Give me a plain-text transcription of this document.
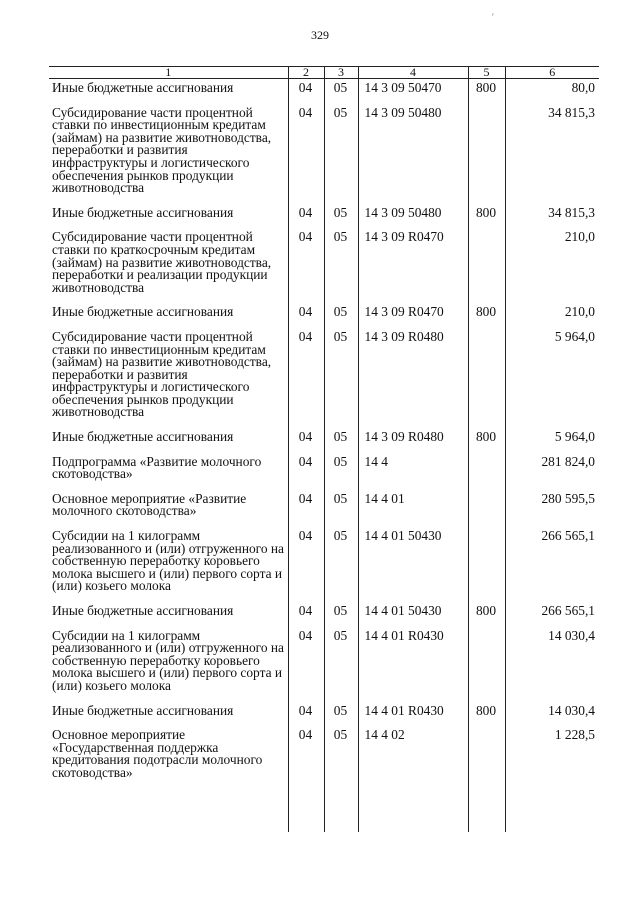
329
′
1	2	3	4	5	6
Иные бюджетные ассигнования	04	05	14 3 09 50470	800	80,0
Субсидирование части процентной ставки по инвестиционным кредитам (займам) на развитие животноводства, переработки и развития инфраструктуры и логистического обеспечения рынков продукции животноводства	04	05	14 3 09 50480		34 815,3
Иные бюджетные ассигнования	04	05	14 3 09 50480	800	34 815,3
Субсидирование части процентной ставки по краткосрочным кредитам (займам) на развитие животноводства, переработки и реализации продукции животноводства	04	05	14 3 09 R0470		210,0
Иные бюджетные ассигнования	04	05	14 3 09 R0470	800	210,0
Субсидирование части процентной ставки по инвестиционным кредитам (займам) на развитие животноводства, переработки и развития инфраструктуры и логистического обеспечения рынков продукции животноводства	04	05	14 3 09 R0480		5 964,0
Иные бюджетные ассигнования	04	05	14 3 09 R0480	800	5 964,0
Подпрограмма «Развитие молочного скотоводства»	04	05	14 4		281 824,0
Основное мероприятие «Развитие молочного скотоводства»	04	05	14 4 01		280 595,5
Субсидии на 1 килограмм реализованного и (или) отгруженного на собственную переработку коровьего молока высшего и (или) первого сорта и (или) козьего молока	04	05	14 4 01 50430		266 565,1
Иные бюджетные ассигнования	04	05	14 4 01 50430	800	266 565,1
Субсидии на 1 килограмм реализованного и (или) отгруженного на собственную переработку коровьего молока высшего и (или) первого сорта и (или) козьего молока	04	05	14 4 01 R0430		14 030,4
Иные бюджетные ассигнования	04	05	14 4 01 R0430	800	14 030,4
Основное мероприятие «Государственная поддержка кредитования подотрасли молочного скотоводства»	04	05	14 4 02		1 228,5
